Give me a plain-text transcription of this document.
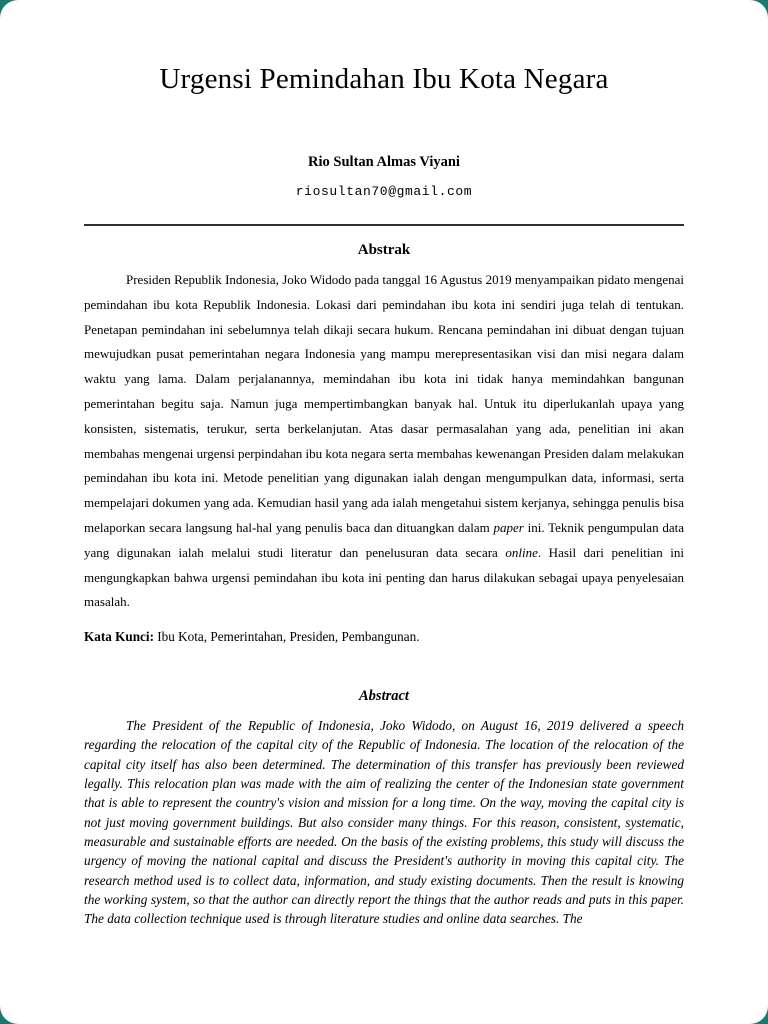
Urgensi Pemindahan Ibu Kota Negara
Rio Sultan Almas Viyani
riosultan70@gmail.com
Abstrak

Presiden Republik Indonesia, Joko Widodo pada tanggal 16 Agustus 2019 menyampaikan pidato mengenai pemindahan ibu kota Republik Indonesia. Lokasi dari pemindahan ibu kota ini sendiri juga telah di tentukan. Penetapan pemindahan ini sebelumnya telah dikaji secara hukum. Rencana pemindahan ini dibuat dengan tujuan mewujudkan pusat pemerintahan negara Indonesia yang mampu merepresentasikan visi dan misi negara dalam waktu yang lama. Dalam perjalanannya, memindahan ibu kota ini tidak hanya memindahkan bangunan pemerintahan begitu saja. Namun juga mempertimbangkan banyak hal. Untuk itu diperlukanlah upaya yang konsisten, sistematis, terukur, serta berkelanjutan. Atas dasar permasalahan yang ada, penelitian ini akan membahas mengenai urgensi perpindahan ibu kota negara serta membahas kewenangan Presiden dalam melakukan pemindahan ibu kota ini. Metode penelitian yang digunakan ialah dengan mengumpulkan data, informasi, serta mempelajari dokumen yang ada. Kemudian hasil yang ada ialah mengetahui sistem kerjanya, sehingga penulis bisa melaporkan secara langsung hal-hal yang penulis baca dan dituangkan dalam paper ini. Teknik pengumpulan data yang digunakan ialah melalui studi literatur dan penelusuran data secara online. Hasil dari penelitian ini mengungkapkan bahwa urgensi pemindahan ibu kota ini penting dan harus dilakukan sebagai upaya penyelesaian masalah.

Kata Kunci: Ibu Kota, Pemerintahan, Presiden, Pembangunan.

Abstract

The President of the Republic of Indonesia, Joko Widodo, on August 16, 2019 delivered a speech regarding the relocation of the capital city of the Republic of Indonesia. The location of the relocation of the capital city itself has also been determined. The determination of this transfer has previously been reviewed legally. This relocation plan was made with the aim of realizing the center of the Indonesian state government that is able to represent the country's vision and mission for a long time. On the way, moving the capital city is not just moving government buildings. But also consider many things. For this reason, consistent, systematic, measurable and sustainable efforts are needed. On the basis of the existing problems, this study will discuss the urgency of moving the national capital and discuss the President's authority in moving this capital city. The research method used is to collect data, information, and study existing documents. Then the result is knowing the working system, so that the author can directly report the things that the author reads and puts in this paper. The data collection technique used is through literature studies and online data searches. The
